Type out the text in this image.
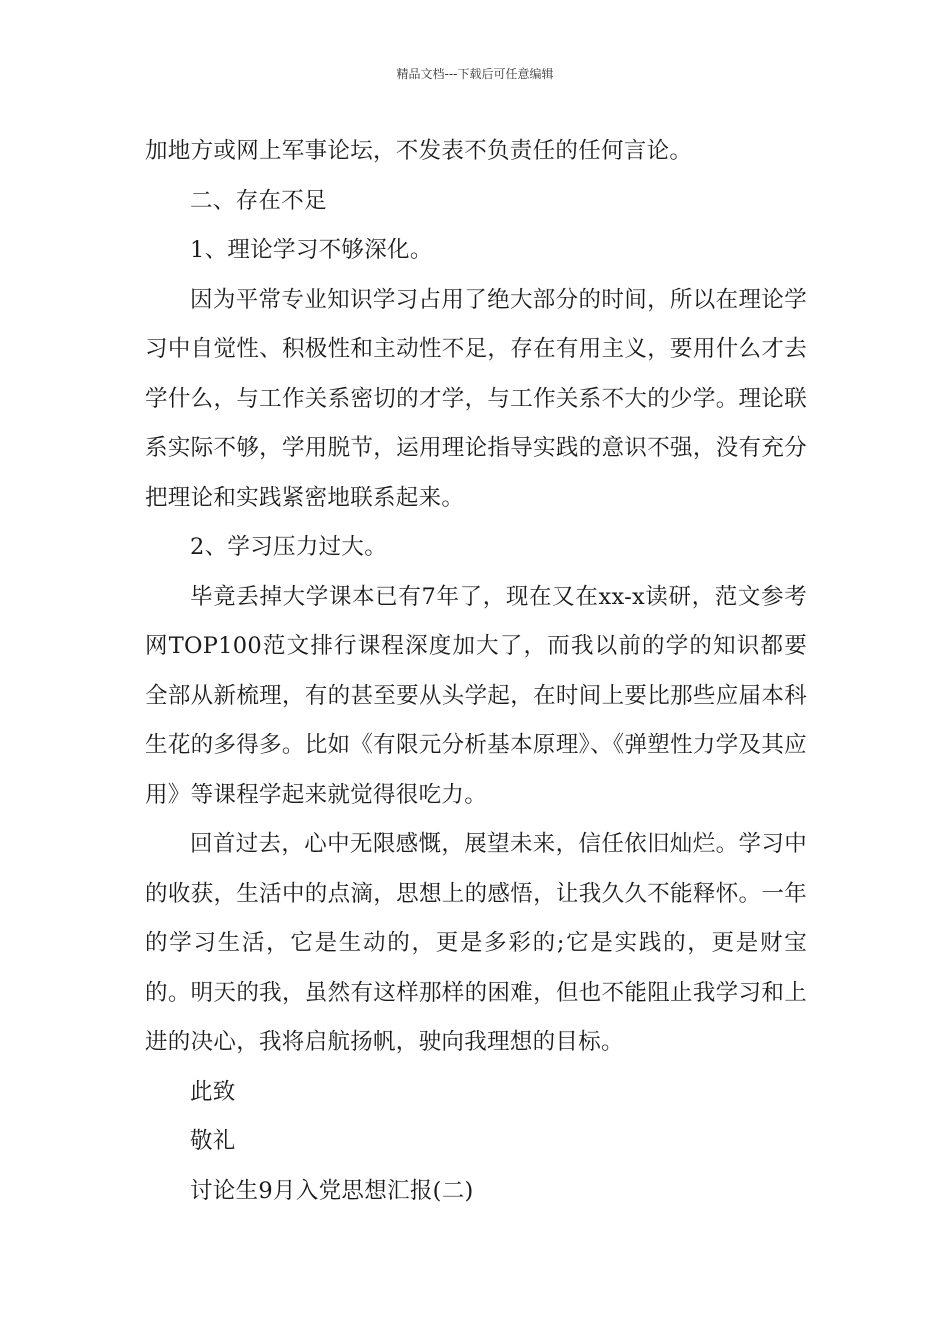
精品文档---下载后可任意编辑

加地方或网上军事论坛，不发表不负责任的任何言论。

二、存在不足

1、理论学习不够深化。

因为平常专业知识学习占用了绝大部分的时间，所以在理论学习中自觉性、积极性和主动性不足，存在有用主义，要用什么才去学什么，与工作关系密切的才学，与工作关系不大的少学。理论联系实际不够，学用脱节，运用理论指导实践的意识不强，没有充分把理论和实践紧密地联系起来。

2、学习压力过大。

毕竟丢掉大学课本已有7年了，现在又在xx-x读研，范文参考网TOP100范文排行课程深度加大了，而我以前的学的知识都要全部从新梳理，有的甚至要从头学起，在时间上要比那些应届本科生花的多得多。比如《有限元分析基本原理》、《弹塑性力学及其应用》等课程学起来就觉得很吃力。

回首过去，心中无限感慨，展望未来，信任依旧灿烂。学习中的收获，生活中的点滴，思想上的感悟，让我久久不能释怀。一年的学习生活，它是生动的，更是多彩的;它是实践的，更是财宝的。明天的我，虽然有这样那样的困难，但也不能阻止我学习和上进的决心，我将启航扬帆，驶向我理想的目标。

此致

敬礼

讨论生9月入党思想汇报(二)
